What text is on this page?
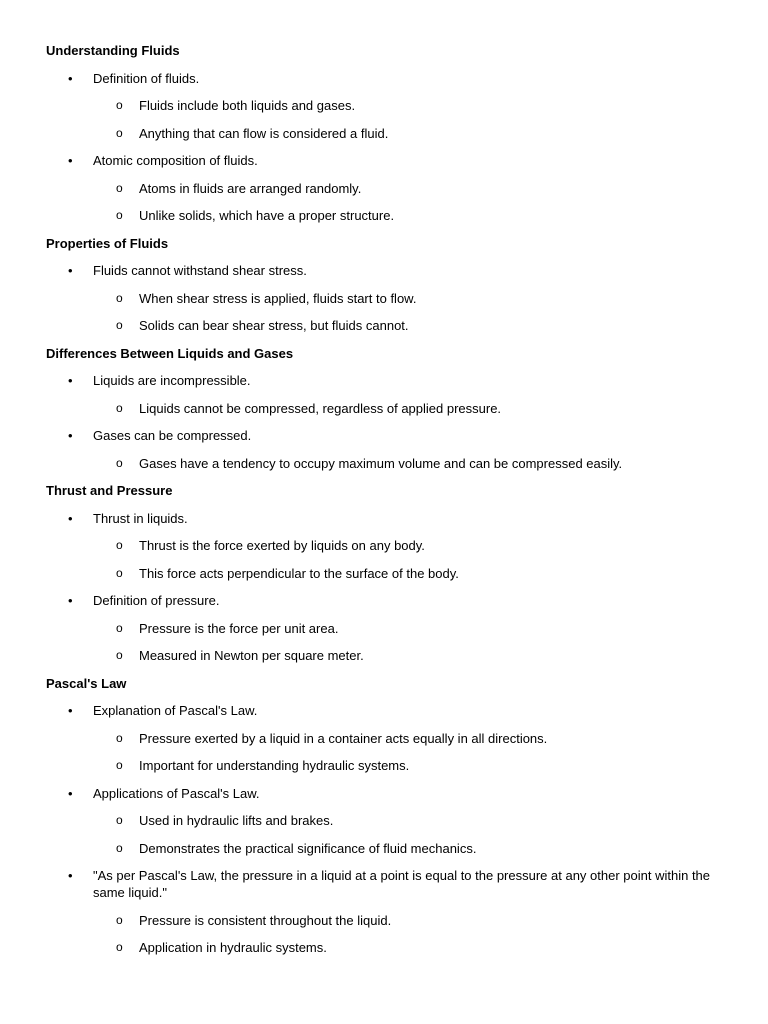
Understanding Fluids
• Definition of fluids.
o Fluids include both liquids and gases.
o Anything that can flow is considered a fluid.
• Atomic composition of fluids.
o Atoms in fluids are arranged randomly.
o Unlike solids, which have a proper structure.
Properties of Fluids
• Fluids cannot withstand shear stress.
o When shear stress is applied, fluids start to flow.
o Solids can bear shear stress, but fluids cannot.
Differences Between Liquids and Gases
• Liquids are incompressible.
o Liquids cannot be compressed, regardless of applied pressure.
• Gases can be compressed.
o Gases have a tendency to occupy maximum volume and can be compressed easily.
Thrust and Pressure
• Thrust in liquids.
o Thrust is the force exerted by liquids on any body.
o This force acts perpendicular to the surface of the body.
• Definition of pressure.
o Pressure is the force per unit area.
o Measured in Newton per square meter.
Pascal's Law
• Explanation of Pascal's Law.
o Pressure exerted by a liquid in a container acts equally in all directions.
o Important for understanding hydraulic systems.
• Applications of Pascal's Law.
o Used in hydraulic lifts and brakes.
o Demonstrates the practical significance of fluid mechanics.
• "As per Pascal's Law, the pressure in a liquid at a point is equal to the pressure at any other point within the same liquid."
o Pressure is consistent throughout the liquid.
o Application in hydraulic systems.
